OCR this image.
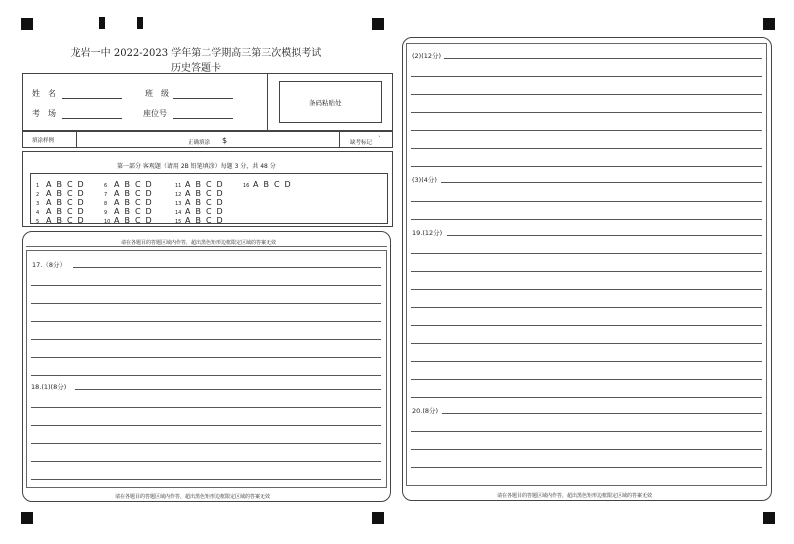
龙岩一中 2022-2023 学年第二学期高三第三次模拟考试
历史答题卡
姓　名	班　级
考　场	座位号
条码粘贴处
填涂样例	正确填涂 $	缺考标记 `
第一部分 客观题（请用 2B 铅笔填涂）每题 3 分，共 48 分
1 A B C D
2 A B C D
3 A B C D
4 A B C D
5 A B C D
6 A B C D
7 A B C D
8 A B C D
9 A B C D
10 A B C D
11 A B C D
12 A B C D
13 A B C D
14 A B C D
15 A B C D
16 A B C D
请在各题目的答题区域内作答，超出黑色矩形边框限定区域的答案无效
17.（8分）
18.(1)(8分)
请在各题目的答题区域内作答，超出黑色矩形边框限定区域的答案无效
(2)(12分)
(3)(4分)
19.(12分)
20.(8分)
请在各题目的答题区域内作答，超出黑色矩形边框限定区域的答案无效
